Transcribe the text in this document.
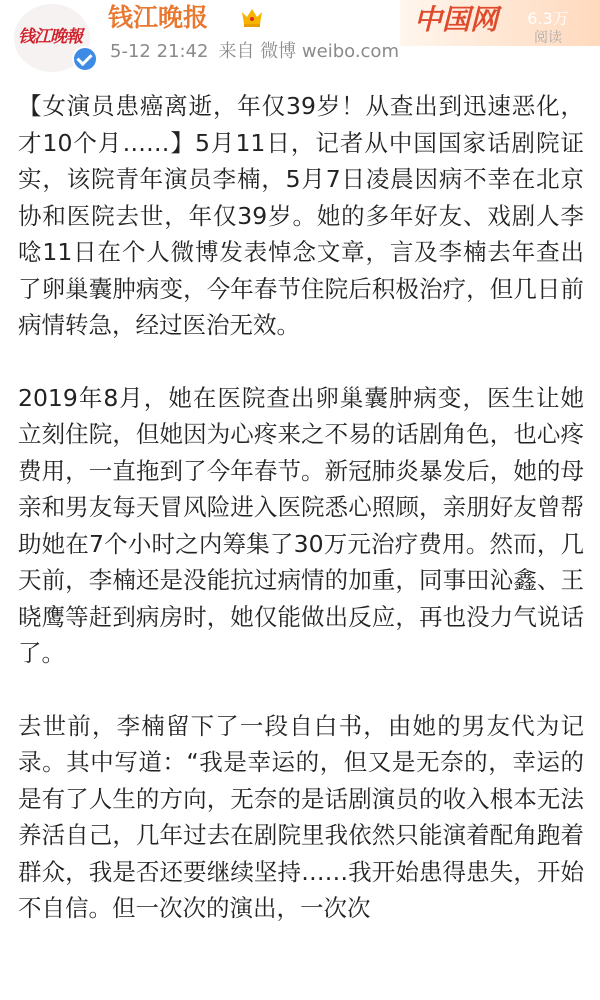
钱江晚報
钱江晚报
5-12 21:42 来自 微博 weibo.com
中国网	6.3万
阅读

【女演员患癌离逝，年仅39岁！从查出到迅速恶化，才10个月……】5月11日，记者从中国国家话剧院证实，该院青年演员李楠，5月7日凌晨因病不幸在北京协和医院去世，年仅39岁。她的多年好友、戏剧人李唸11日在个人微博发表悼念文章，言及李楠去年查出了卵巢囊肿病变，今年春节住院后积极治疗，但几日前病情转急，经过医治无效。

2019年8月，她在医院查出卵巢囊肿病变，医生让她立刻住院，但她因为心疼来之不易的话剧角色，也心疼费用，一直拖到了今年春节。新冠肺炎暴发后，她的母亲和男友每天冒风险进入医院悉心照顾，亲朋好友曾帮助她在7个小时之内筹集了30万元治疗费用。然而，几天前，李楠还是没能抗过病情的加重，同事田沁鑫、王晓鹰等赶到病房时，她仅能做出反应，再也没力气说话了。

去世前，李楠留下了一段自白书，由她的男友代为记录。其中写道：“我是幸运的，但又是无奈的，幸运的是有了人生的方向，无奈的是话剧演员的收入根本无法养活自己，几年过去在剧院里我依然只能演着配角跑着群众，我是否还要继续坚持……我开始患得患失，开始不自信。但一次次的演出，一次次
